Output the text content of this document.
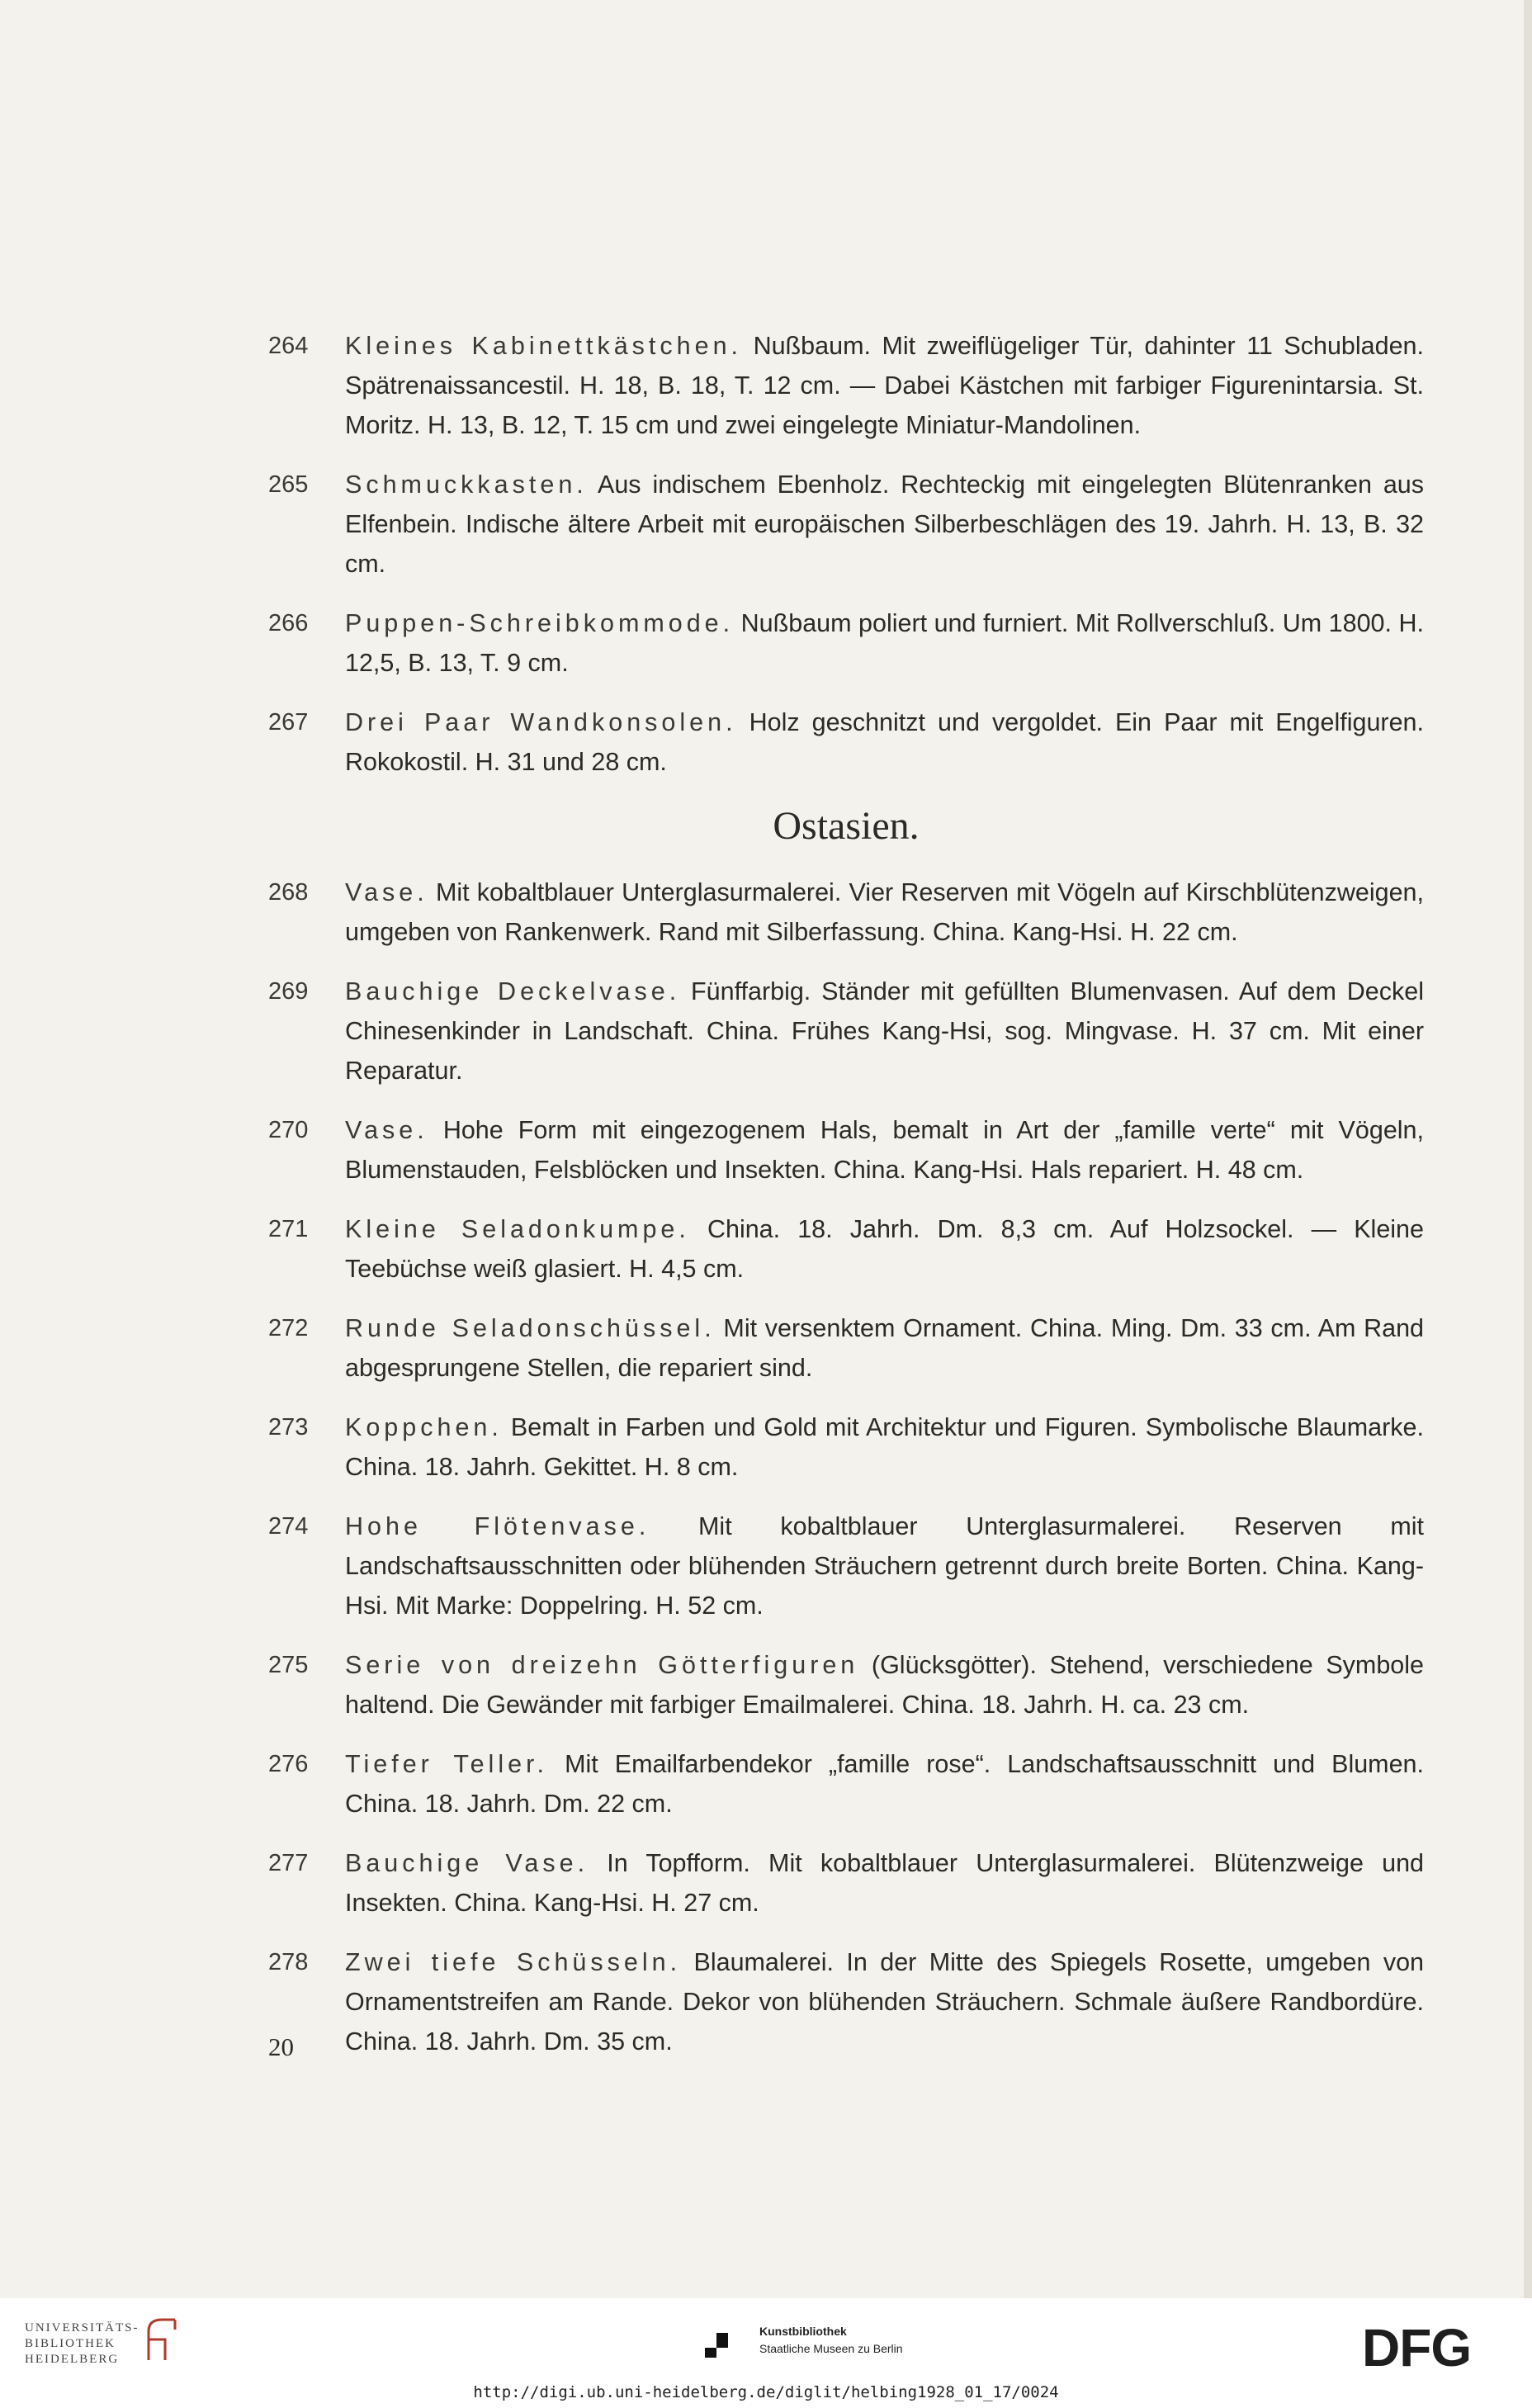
264 Kleines Kabinettkästchen. Nußbaum. Mit zweiflügeliger Tür, dahinter 11 Schubladen. Spätrenaissancestil. H. 18, B. 18, T. 12 cm. — Dabei Kästchen mit farbiger Figurenintarsia. St. Moritz. H. 13, B. 12, T. 15 cm und zwei eingelegte Miniatur-Mandolinen.
265 Schmuckkasten. Aus indischem Ebenholz. Rechteckig mit eingelegten Blütenranken aus Elfenbein. Indische ältere Arbeit mit europäischen Silberbeschlägen des 19. Jahrh. H. 13, B. 32 cm.
266 Puppen-Schreibkommode. Nußbaum poliert und furniert. Mit Rollverschluß. Um 1800. H. 12,5, B. 13, T. 9 cm.
267 Drei Paar Wandkonsolen. Holz geschnitzt und vergoldet. Ein Paar mit Engelfiguren. Rokokostil. H. 31 und 28 cm.
Ostasien.
268 Vase. Mit kobaltblauer Unterglasurmalerei. Vier Reserven mit Vögeln auf Kirschblütenzweigen, umgeben von Rankenwerk. Rand mit Silberfassung. China. Kang-Hsi. H. 22 cm.
269 Bauchige Deckelvase. Fünffarbig. Ständer mit gefüllten Blumenvasen. Auf dem Deckel Chinesenkinder in Landschaft. China. Frühes Kang-Hsi, sog. Mingvase. H. 37 cm. Mit einer Reparatur.
270 Vase. Hohe Form mit eingezogenem Hals, bemalt in Art der „famille verte“ mit Vögeln, Blumenstauden, Felsblöcken und Insekten. China. Kang-Hsi. Hals repariert. H. 48 cm.
271 Kleine Seladonkumpe. China. 18. Jahrh. Dm. 8,3 cm. Auf Holzsockel. — Kleine Teebüchse weiß glasiert. H. 4,5 cm.
272 Runde Seladonschüssel. Mit versenktem Ornament. China. Ming. Dm. 33 cm. Am Rand abgesprungene Stellen, die repariert sind.
273 Koppchen. Bemalt in Farben und Gold mit Architektur und Figuren. Symbolische Blaumarke. China. 18. Jahrh. Gekittet. H. 8 cm.
274 Hohe Flötenvase. Mit kobaltblauer Unterglasurmalerei. Reserven mit Landschaftsausschnitten oder blühenden Sträuchern getrennt durch breite Borten. China. Kang-Hsi. Mit Marke: Doppelring. H. 52 cm.
275 Serie von dreizehn Götterfiguren (Glücksgötter). Stehend, verschiedene Symbole haltend. Die Gewänder mit farbiger Emailmalerei. China. 18. Jahrh. H. ca. 23 cm.
276 Tiefer Teller. Mit Emailfarbendekor „famille rose“. Landschaftsausschnitt und Blumen. China. 18. Jahrh. Dm. 22 cm.
277 Bauchige Vase. In Topfform. Mit kobaltblauer Unterglasurmalerei. Blütenzweige und Insekten. China. Kang-Hsi. H. 27 cm.
278 Zwei tiefe Schüsseln. Blaumalerei. In der Mitte des Spiegels Rosette, umgeben von Ornamentstreifen am Rande. Dekor von blühenden Sträuchern. Schmale äußere Randbordüre. China. 18. Jahrh. Dm. 35 cm.
20
UNIVERSITÄTS-
BIBLIOTHEK
HEIDELBERG
Kunstbibliothek
Staatliche Museen zu Berlin	DFG
http://digi.ub.uni-heidelberg.de/diglit/helbing1928_01_17/0024
